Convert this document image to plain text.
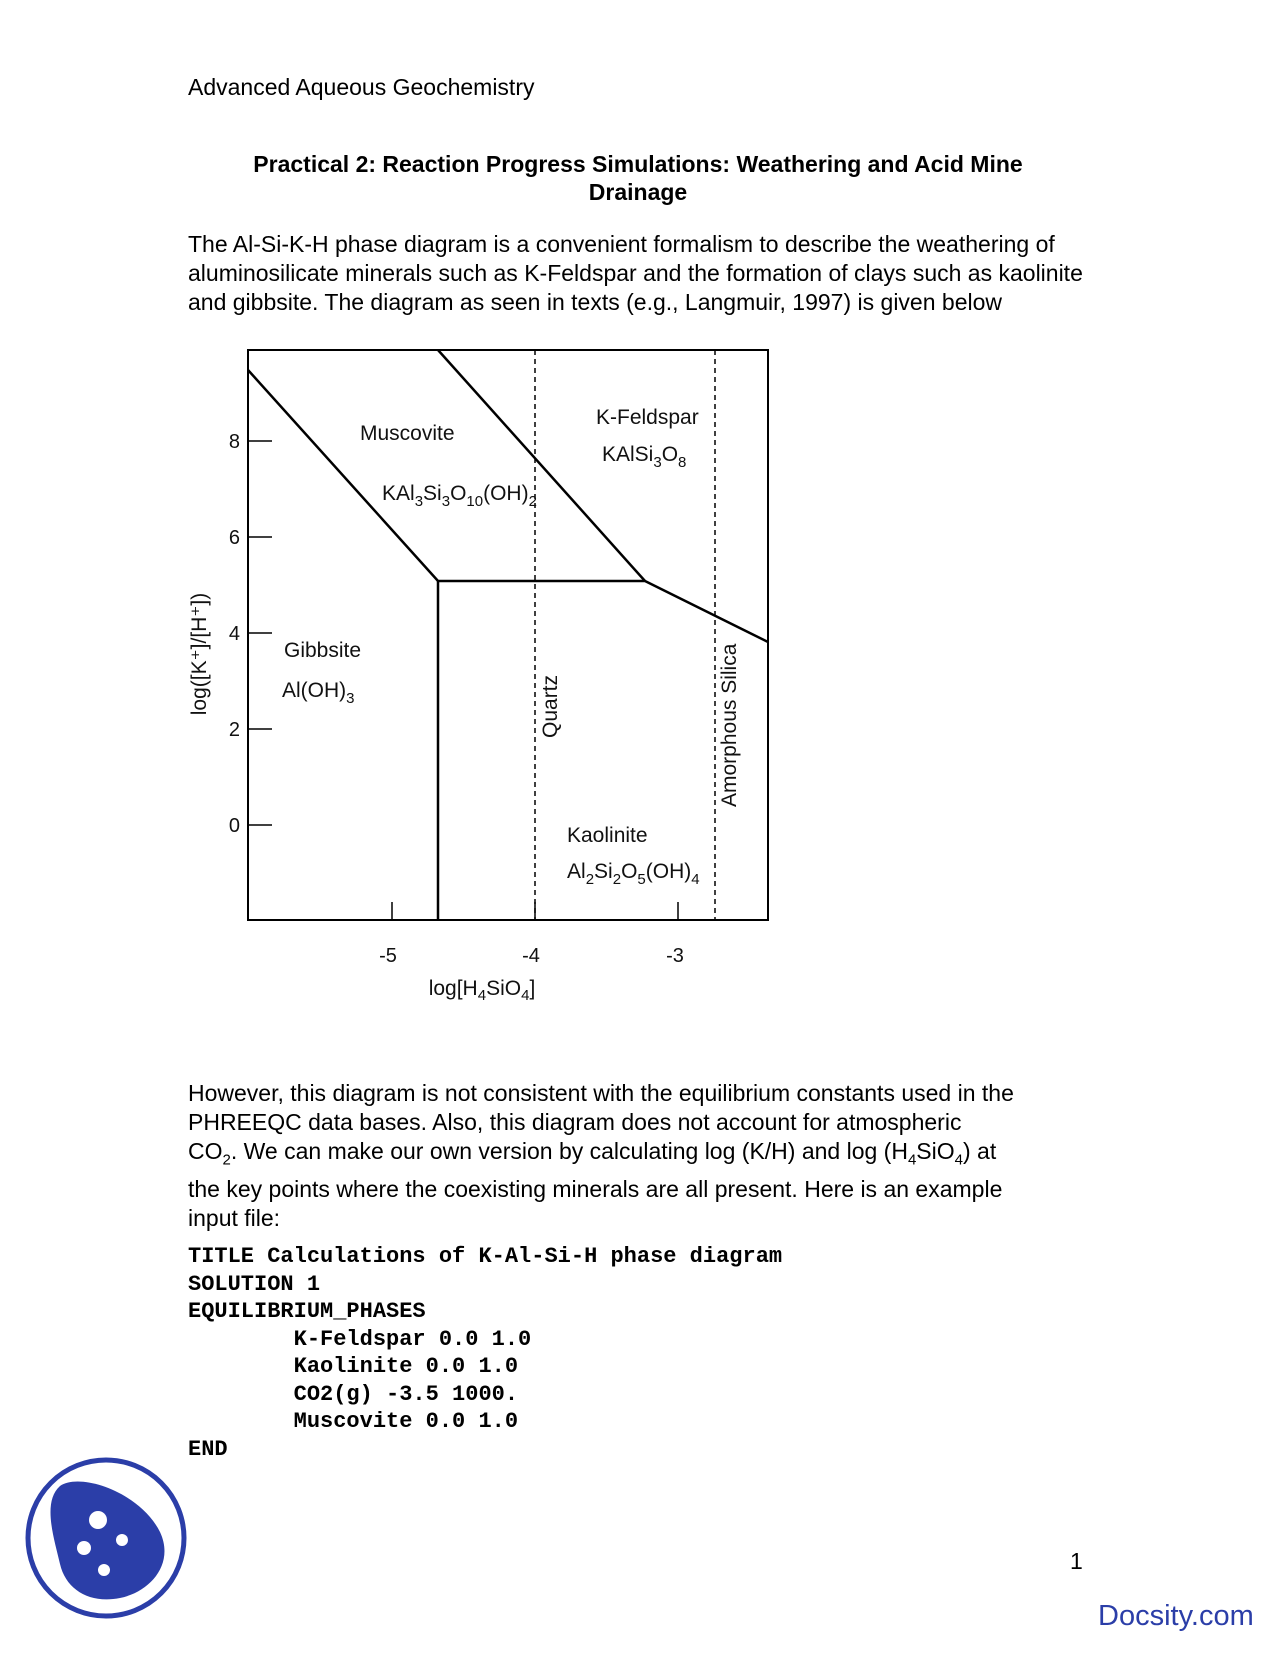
Advanced Aqueous Geochemistry
Practical 2: Reaction Progress Simulations: Weathering and Acid Mine
Drainage
The Al-Si-K-H phase diagram is a convenient formalism to describe the weathering of aluminosilicate minerals such as K-Feldspar and the formation of clays such as kaolinite and gibbsite. The diagram as seen in texts (e.g., Langmuir, 1997) is given below
8
6
4
2
0
-5	-4	-3
Muscovite
KAl3Si3O10(OH)2
K-Feldspar
KAlSi3O8
Gibbsite
Al(OH)3
Kaolinite
Al2Si2O5(OH)4
Quartz	Amorphous Silica
log([K⁺]/[H⁺])
log[H4SiO4]
However, this diagram is not consistent with the equilibrium constants used in the
PHREEQC data bases. Also, this diagram does not account for atmospheric
$CO_2$. We can make our own version by calculating log (K/H) and $\log (H_4SiO_4)$ at
the key points where the coexisting minerals are all present. Here is an example
input file:
TITLE Calculations of K-Al-Si-H phase diagram
SOLUTION 1
EQUILIBRIUM_PHASES
K-Feldspar 0.0 1.0
Kaolinite 0.0 1.0
CO2(g) -3.5 1000.
Muscovite 0.0 1.0
END
1
Docsity.com
